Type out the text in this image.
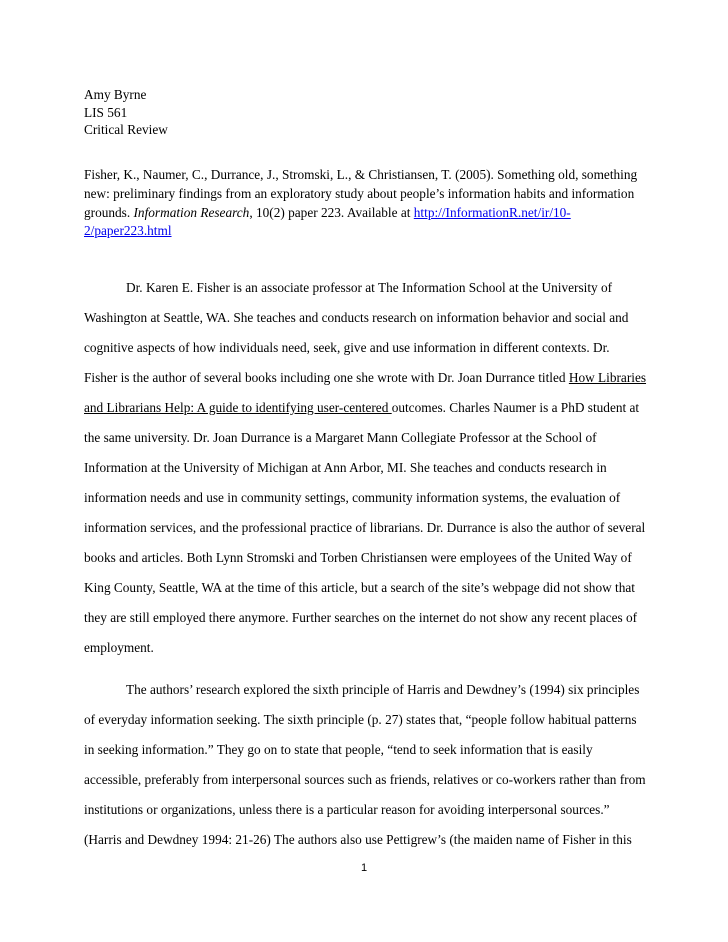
Amy Byrne
LIS 561
Critical Review
Fisher, K., Naumer, C., Durrance, J., Stromski, L., & Christiansen, T. (2005). Something old, something
new: preliminary findings from an exploratory study about people’s information habits and information
grounds. Information Research, 10(2) paper 223. Available at http://InformationR.net/ir/10-
2/paper223.html
Dr. Karen E. Fisher is an associate professor at The Information School at the University of
Washington at Seattle, WA. She teaches and conducts research on information behavior and social and
cognitive aspects of how individuals need, seek, give and use information in different contexts. Dr.
Fisher is the author of several books including one she wrote with Dr. Joan Durrance titled How Libraries
and Librarians Help: A guide to identifying user-centered outcomes. Charles Naumer is a PhD student at
the same university. Dr. Joan Durrance is a Margaret Mann Collegiate Professor at the School of
Information at the University of Michigan at Ann Arbor, MI. She teaches and conducts research in
information needs and use in community settings, community information systems, the evaluation of
information services, and the professional practice of librarians. Dr. Durrance is also the author of several
books and articles. Both Lynn Stromski and Torben Christiansen were employees of the United Way of
King County, Seattle, WA at the time of this article, but a search of the site’s webpage did not show that
they are still employed there anymore. Further searches on the internet do not show any recent places of
employment.
The authors’ research explored the sixth principle of Harris and Dewdney’s (1994) six principles
of everyday information seeking. The sixth principle (p. 27) states that, “people follow habitual patterns
in seeking information.” They go on to state that people, “tend to seek information that is easily
accessible, preferably from interpersonal sources such as friends, relatives or co-workers rather than from
institutions or organizations, unless there is a particular reason for avoiding interpersonal sources.”
(Harris and Dewdney 1994: 21-26) The authors also use Pettigrew’s (the maiden name of Fisher in this
1
